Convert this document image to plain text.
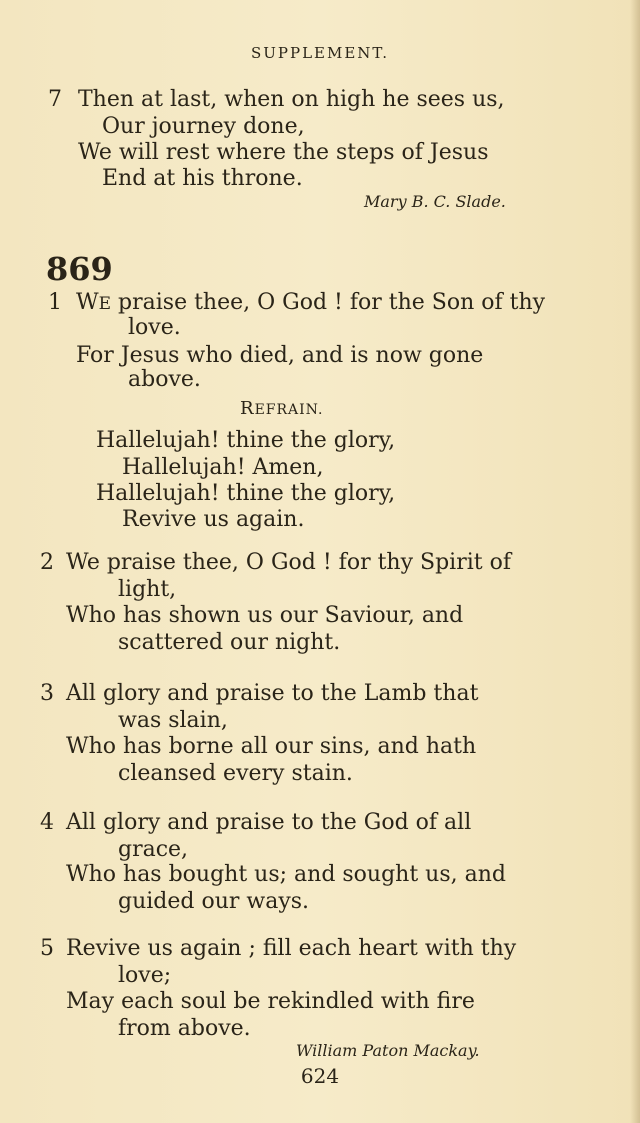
SUPPLEMENT.
7 Then at last, when on high he sees us,
Our journey done,
We will rest where the steps of Jesus
End at his throne.
Mary B. C. Slade.
869
1 WE praise thee, O God ! for the Son of thy
love.
For Jesus who died, and is now gone
above.
REFRAIN.
Hallelujah! thine the glory,
Hallelujah! Amen,
Hallelujah! thine the glory,
Revive us again.
2 We praise thee, O God ! for thy Spirit of
light,
Who has shown us our Saviour, and
scattered our night.
3 All glory and praise to the Lamb that
was slain,
Who has borne all our sins, and hath
cleansed every stain.
4 All glory and praise to the God of all
grace,
Who has bought us; and sought us, and
guided our ways.
5 Revive us again ; fill each heart with thy
love;
May each soul be rekindled with fire
from above.
William Paton Mackay.
624
